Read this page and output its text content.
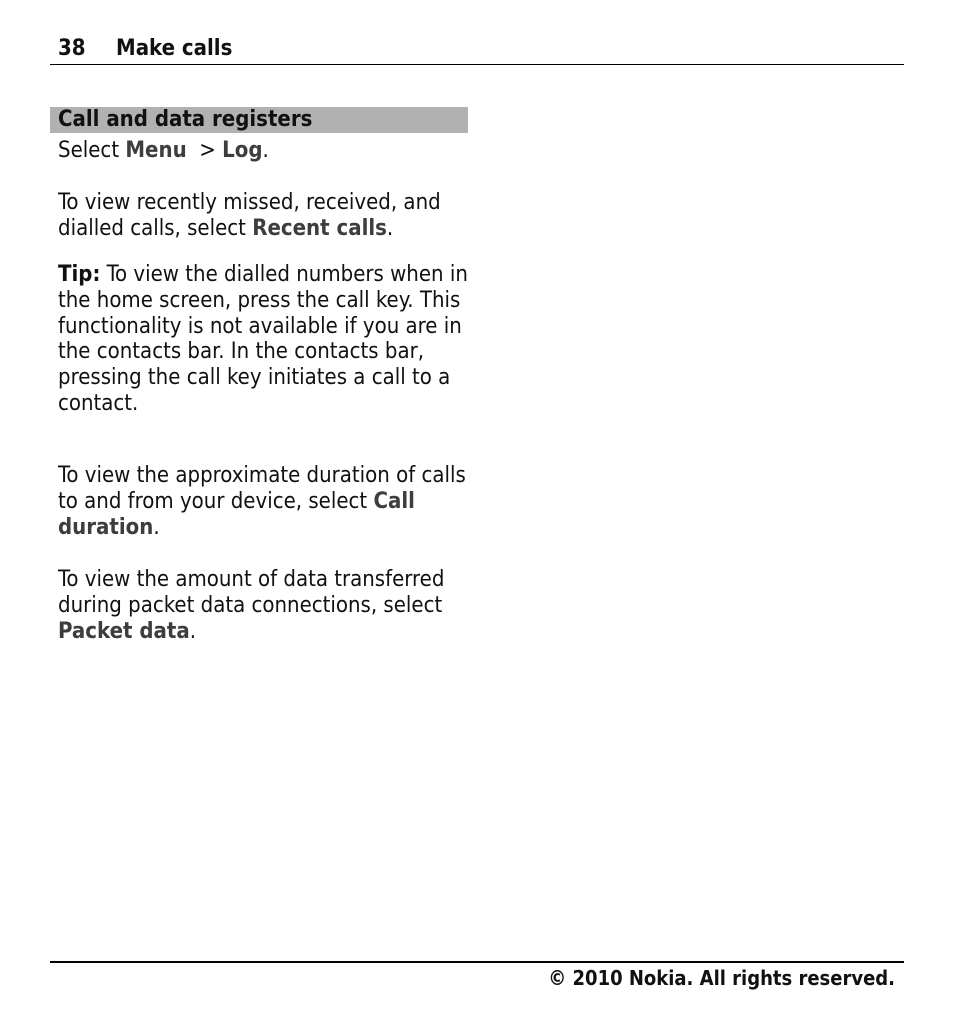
38 Make calls
Call and data registers

Select Menu  > Log.

To view recently missed, received, and dialled calls, select Recent calls.

Tip: To view the dialled numbers when in the home screen, press the call key. This functionality is not available if you are in the contacts bar. In the contacts bar, pressing the call key initiates a call to a contact.

To view the approximate duration of calls to and from your device, select Call duration.

To view the amount of data transferred during packet data connections, select Packet data.

© 2010 Nokia. All rights reserved.
